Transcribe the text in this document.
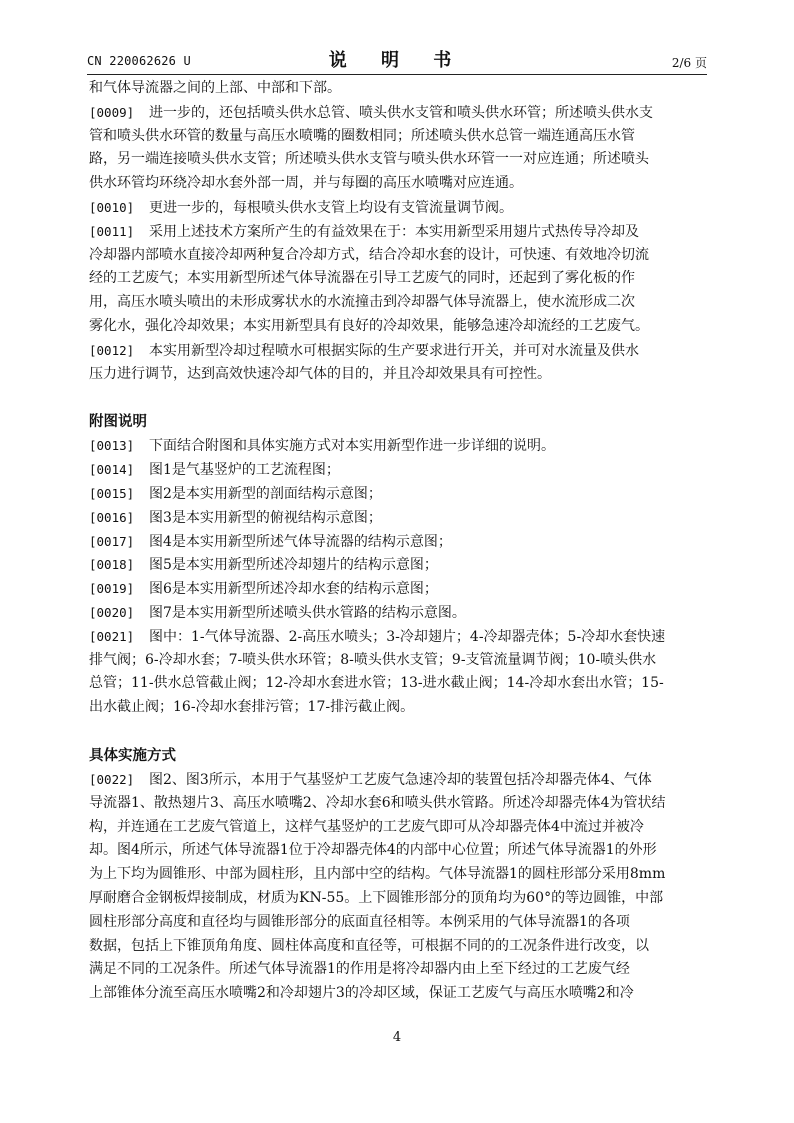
CN 220062626 U	说 明 书	2/6 页
和气体导流器之间的上部、中部和下部。
[0009] 进一步的，还包括喷头供水总管、喷头供水支管和喷头供水环管；所述喷头供水支
管和喷头供水环管的数量与高压水喷嘴的圈数相同；所述喷头供水总管一端连通高压水管
路，另一端连接喷头供水支管；所述喷头供水支管与喷头供水环管一一对应连通；所述喷头
供水环管均环绕冷却水套外部一周，并与每圈的高压水喷嘴对应连通。
[0010] 更进一步的，每根喷头供水支管上均设有支管流量调节阀。
[0011] 采用上述技术方案所产生的有益效果在于：本实用新型采用翅片式热传导冷却及
冷却器内部喷水直接冷却两种复合冷却方式，结合冷却水套的设计，可快速、有效地冷切流
经的工艺废气；本实用新型所述气体导流器在引导工艺废气的同时，还起到了雾化板的作
用，高压水喷头喷出的未形成雾状水的水流撞击到冷却器气体导流器上，使水流形成二次
雾化水，强化冷却效果；本实用新型具有良好的冷却效果，能够急速冷却流经的工艺废气。
[0012] 本实用新型冷却过程喷水可根据实际的生产要求进行开关，并可对水流量及供水
压力进行调节，达到高效快速冷却气体的目的，并且冷却效果具有可控性。
附图说明
[0013] 下面结合附图和具体实施方式对本实用新型作进一步详细的说明。
[0014] 图1是气基竖炉的工艺流程图；
[0015] 图2是本实用新型的剖面结构示意图；
[0016] 图3是本实用新型的俯视结构示意图；
[0017] 图4是本实用新型所述气体导流器的结构示意图；
[0018] 图5是本实用新型所述冷却翅片的结构示意图；
[0019] 图6是本实用新型所述冷却水套的结构示意图；
[0020] 图7是本实用新型所述喷头供水管路的结构示意图。
[0021] 图中：1-气体导流器、2-高压水喷头；3-冷却翅片；4-冷却器壳体；5-冷却水套快速
排气阀；6-冷却水套；7-喷头供水环管；8-喷头供水支管；9-支管流量调节阀；10-喷头供水
总管；11-供水总管截止阀；12-冷却水套进水管；13-进水截止阀；14-冷却水套出水管；15-
出水截止阀；16-冷却水套排污管；17-排污截止阀。
具体实施方式
[0022] 图2、图3所示，本用于气基竖炉工艺废气急速冷却的装置包括冷却器壳体4、气体
导流器1、散热翅片3、高压水喷嘴2、冷却水套6和喷头供水管路。所述冷却器壳体4为管状结
构，并连通在工艺废气管道上，这样气基竖炉的工艺废气即可从冷却器壳体4中流过并被冷
却。图4所示，所述气体导流器1位于冷却器壳体4的内部中心位置；所述气体导流器1的外形
为上下均为圆锥形、中部为圆柱形，且内部中空的结构。气体导流器1的圆柱形部分采用8mm
厚耐磨合金钢板焊接制成，材质为KN-55。上下圆锥形部分的顶角均为60°的等边圆锥，中部
圆柱形部分高度和直径均与圆锥形部分的底面直径相等。本例采用的气体导流器1的各项
数据，包括上下锥顶角角度、圆柱体高度和直径等，可根据不同的的工况条件进行改变，以
满足不同的工况条件。所述气体导流器1的作用是将冷却器内由上至下经过的工艺废气经
上部锥体分流至高压水喷嘴2和冷却翅片3的冷却区域，保证工艺废气与高压水喷嘴2和冷
4
